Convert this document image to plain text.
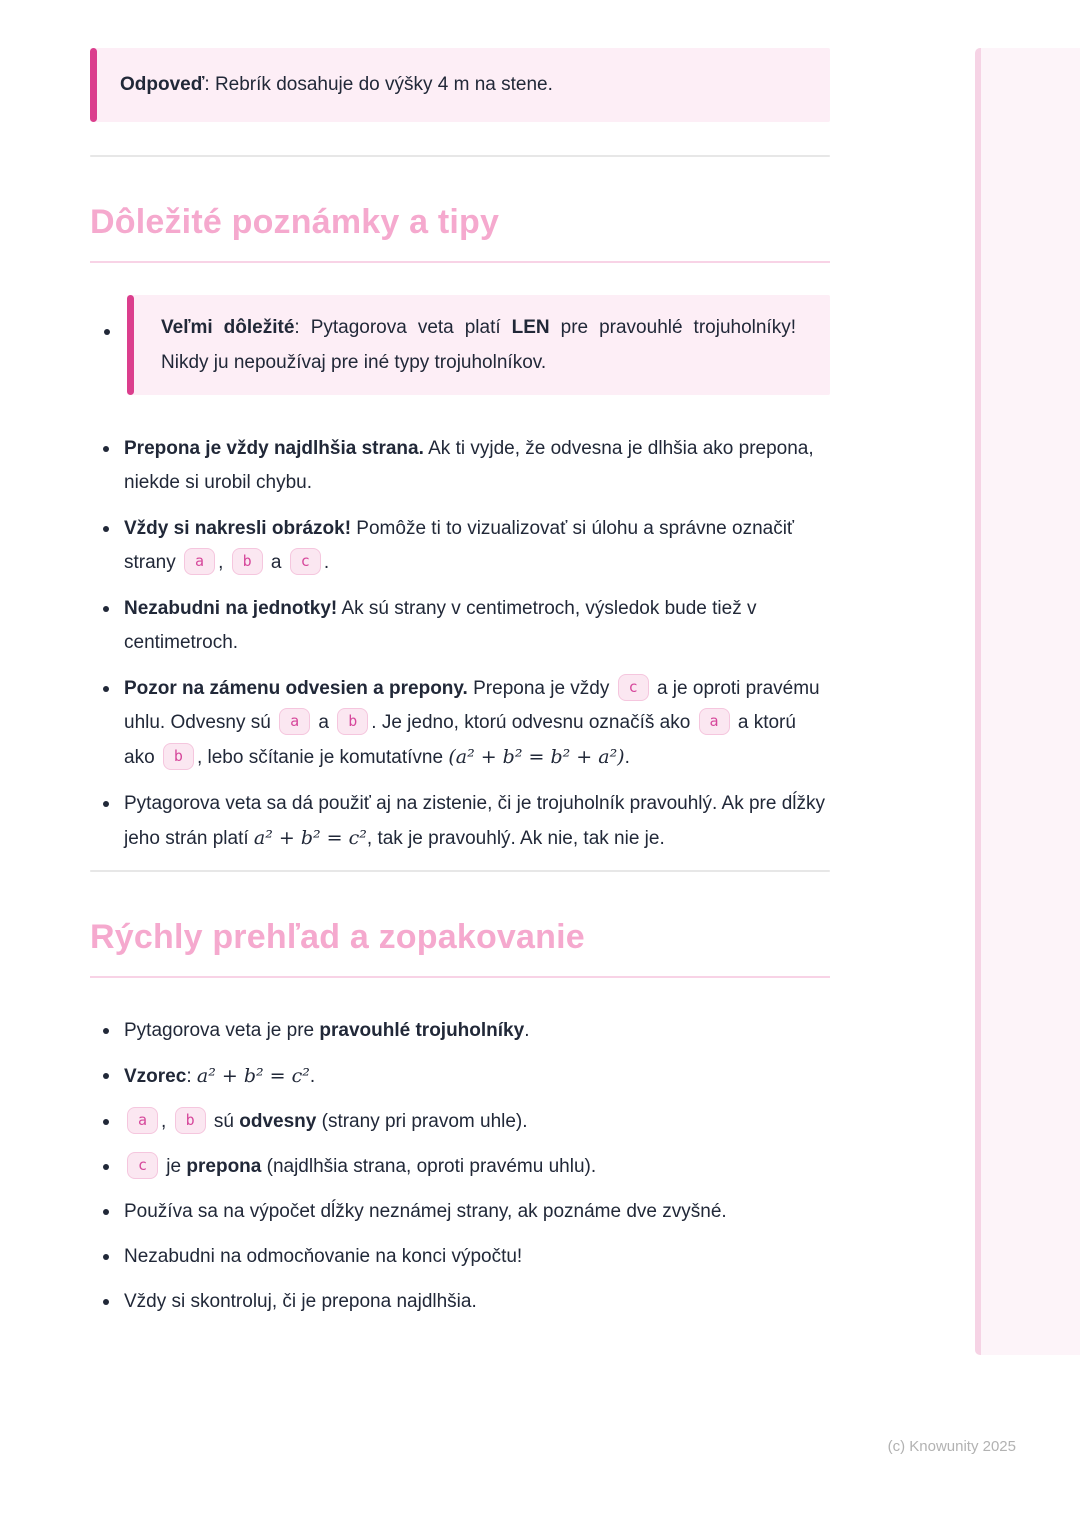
Odpoveď: Rebrík dosahuje do výšky 4 m na stene.
Dôležité poznámky a tipy
Veľmi dôležité: Pytagorova veta platí LEN pre pravouhlé trojuholníky! Nikdy ju nepoužívaj pre iné typy trojuholníkov.
Prepona je vždy najdlhšia strana. Ak ti vyjde, že odvesna je dlhšia ako prepona, niekde si urobil chybu.
Vždy si nakresli obrázok! Pomôže ti to vizualizovať si úlohu a správne označiť strany a , b a c .
Nezabudni na jednotky! Ak sú strany v centimetroch, výsledok bude tiež v centimetroch.
Pozor na zámenu odvesien a prepony. Prepona je vždy c a je oproti pravému uhlu. Odvesny sú a a b . Je jedno, ktorú odvesnu označíš ako a a ktorú ako b , lebo sčítanie je komutatívne (a² + b² = b² + a²).
Pytagorova veta sa dá použiť aj na zistenie, či je trojuholník pravouhlý. Ak pre dĺžky jeho strán platí a² + b² = c², tak je pravouhlý. Ak nie, tak nie je.
Rýchly prehľad a zopakovanie
Pytagorova veta je pre pravouhlé trojuholníky.
Vzorec: a² + b² = c².
a , b sú odvesny (strany pri pravom uhle).
c je prepona (najdlhšia strana, oproti pravému uhlu).
Používa sa na výpočet dĺžky neznámej strany, ak poznáme dve zvyšné.
Nezabudni na odmocňovanie na konci výpočtu!
Vždy si skontroluj, či je prepona najdlhšia.
(c) Knowunity 2025
